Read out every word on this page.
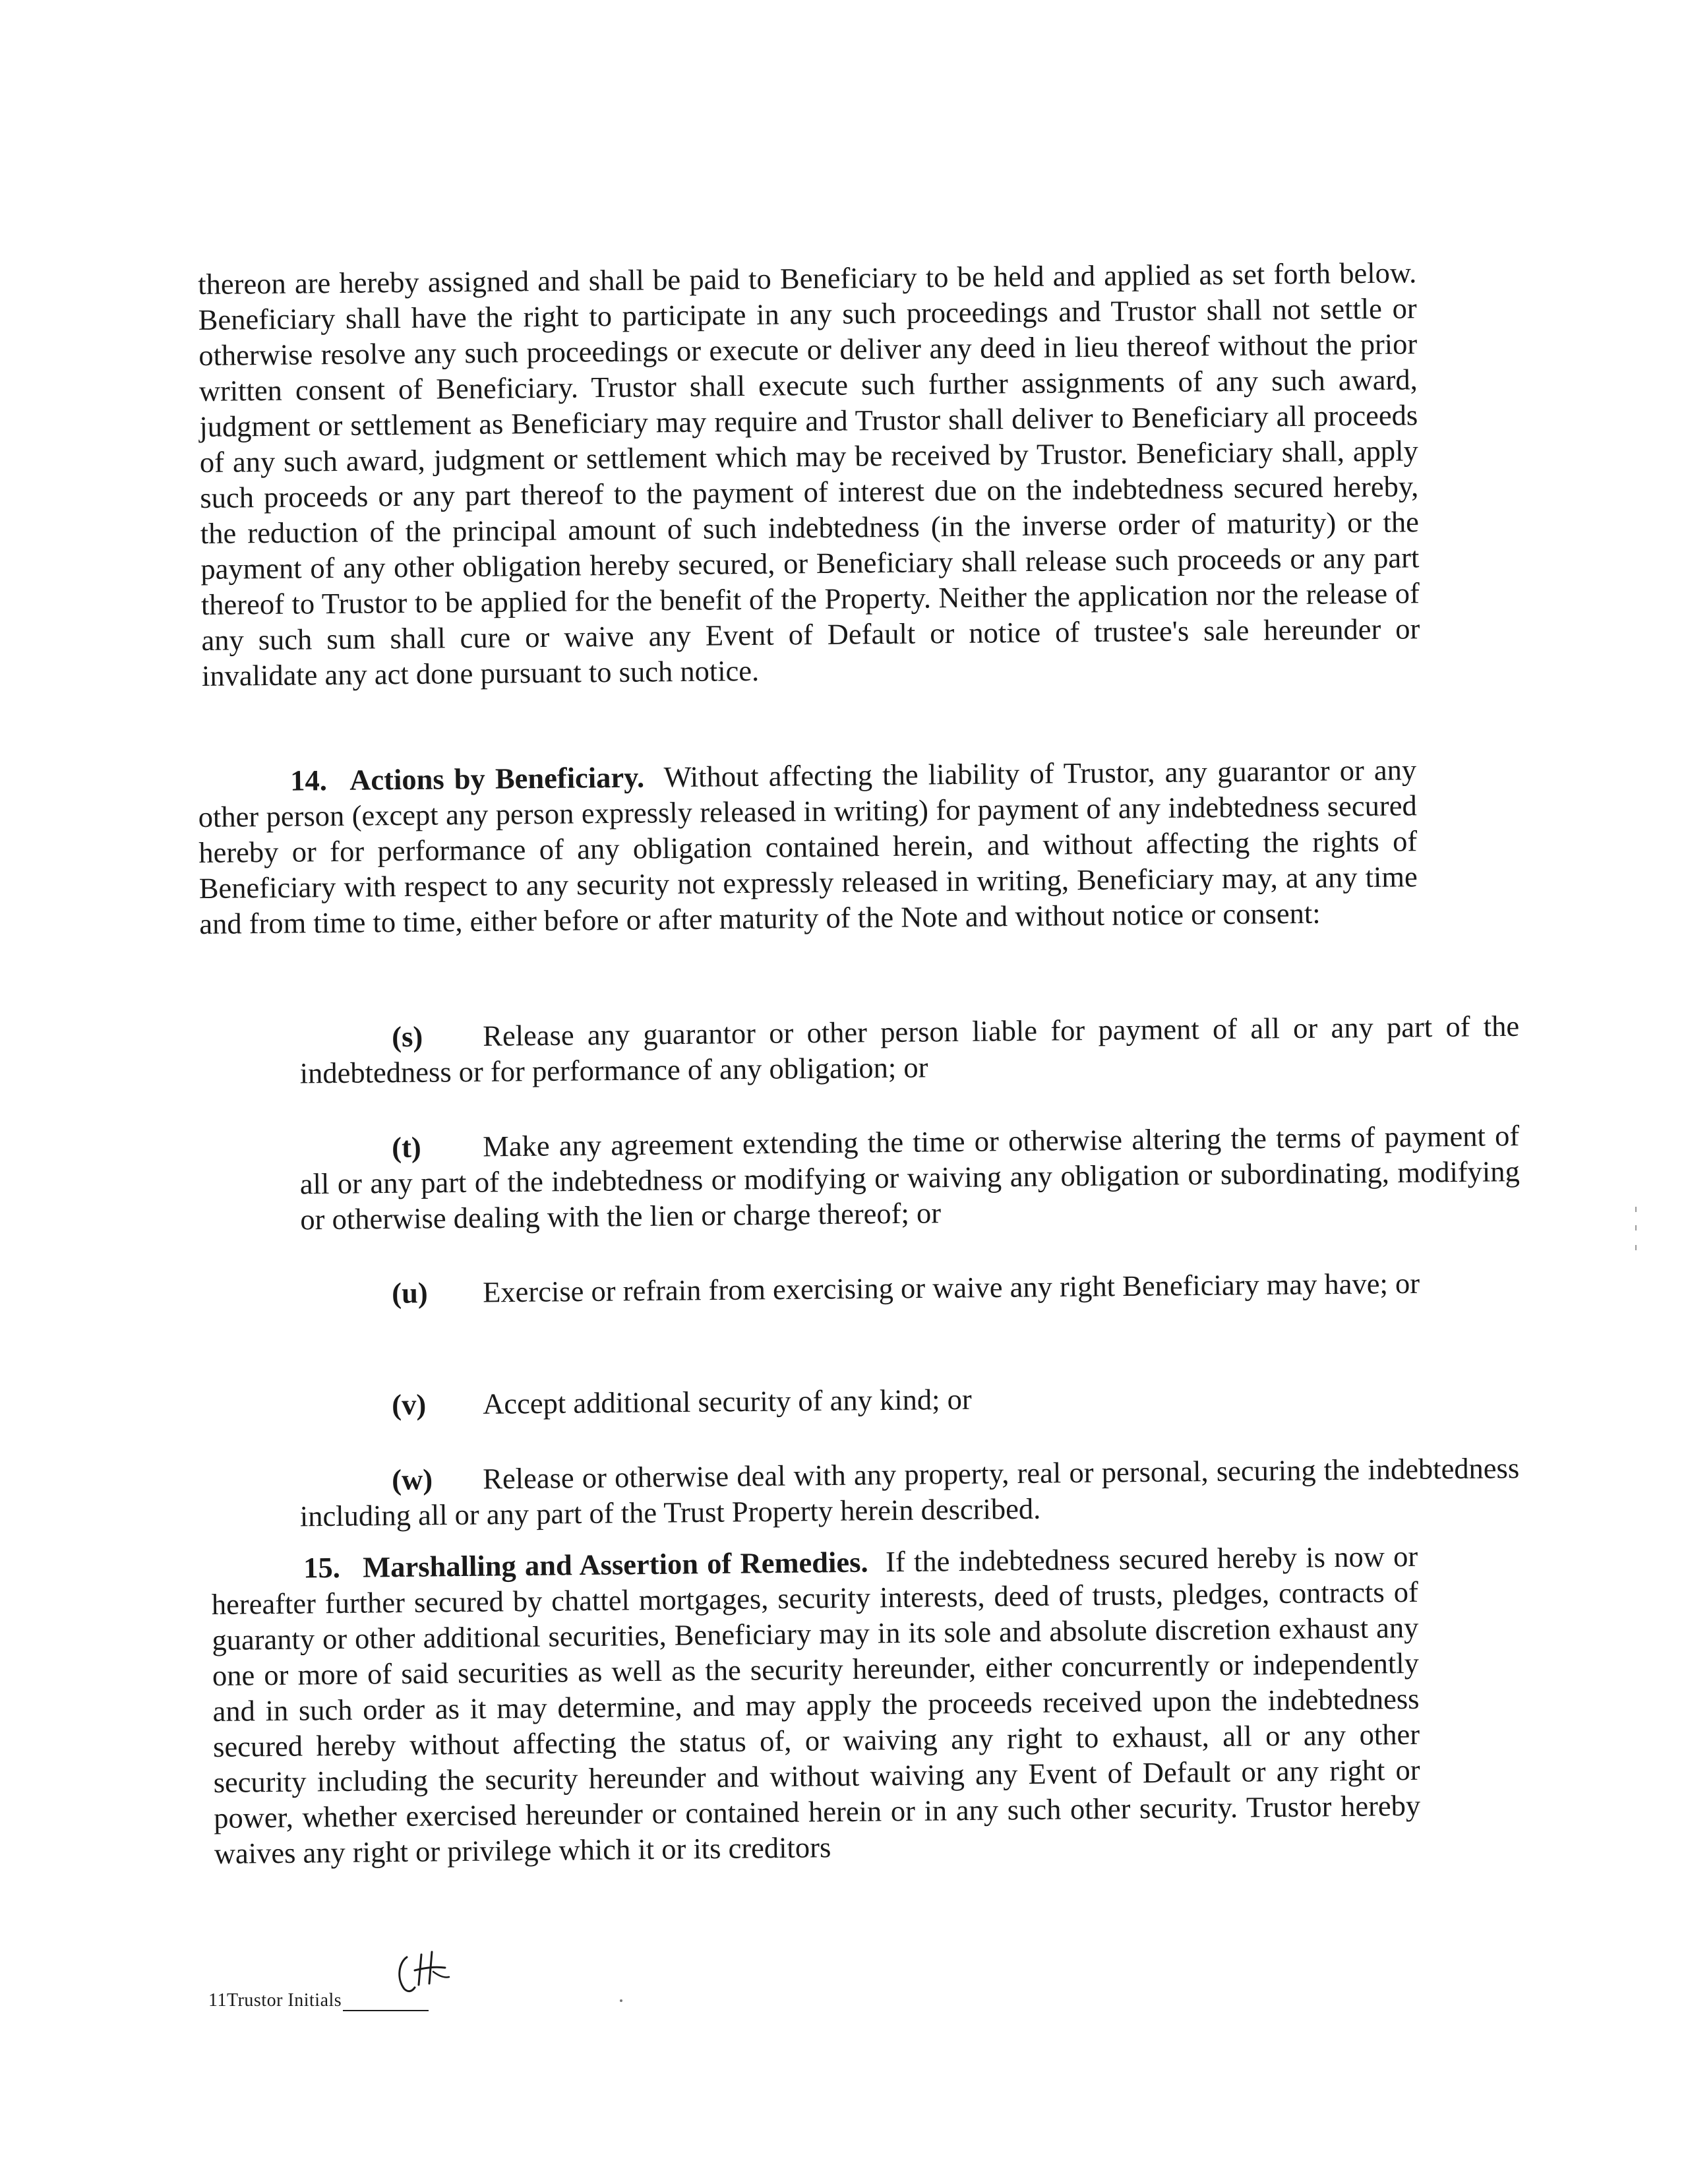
thereon are hereby assigned and shall be paid to Beneficiary to be held and applied as set forth below. Beneficiary shall have the right to participate in any such proceedings and Trustor shall not settle or otherwise resolve any such proceedings or execute or deliver any deed in lieu thereof without the prior written consent of Beneficiary. Trustor shall execute such further assignments of any such award, judgment or settlement as Beneficiary may require and Trustor shall deliver to Beneficiary all proceeds of any such award, judgment or settlement which may be received by Trustor. Beneficiary shall, apply such proceeds or any part thereof to the payment of interest due on the indebtedness secured hereby, the reduction of the principal amount of such indebtedness (in the inverse order of maturity) or the payment of any other obligation hereby secured, or Beneficiary shall release such proceeds or any part thereof to Trustor to be applied for the benefit of the Property. Neither the application nor the release of any such sum shall cure or waive any Event of Default or notice of trustee's sale hereunder or invalidate any act done pursuant to such notice.

14. Actions by Beneficiary. Without affecting the liability of Trustor, any guarantor or any other person (except any person expressly released in writing) for payment of any indebtedness secured hereby or for performance of any obligation contained herein, and without affecting the rights of Beneficiary with respect to any security not expressly released in writing, Beneficiary may, at any time and from time to time, either before or after maturity of the Note and without notice or consent:

(s) Release any guarantor or other person liable for payment of all or any part of the indebtedness or for performance of any obligation; or

(t) Make any agreement extending the time or otherwise altering the terms of payment of all or any part of the indebtedness or modifying or waiving any obligation or subordinating, modifying or otherwise dealing with the lien or charge thereof; or

(u) Exercise or refrain from exercising or waive any right Beneficiary may have; or

(v) Accept additional security of any kind; or

(w) Release or otherwise deal with any property, real or personal, securing the indebtedness including all or any part of the Trust Property herein described.

15. Marshalling and Assertion of Remedies. If the indebtedness secured hereby is now or hereafter further secured by chattel mortgages, security interests, deed of trusts, pledges, contracts of guaranty or other additional securities, Beneficiary may in its sole and absolute discretion exhaust any one or more of said securities as well as the security hereunder, either concurrently or independently and in such order as it may determine, and may apply the proceeds received upon the indebtedness secured hereby without affecting the status of, or waiving any right to exhaust, all or any other security including the security hereunder and without waiving any Event of Default or any right or power, whether exercised hereunder or contained herein or in any such other security. Trustor hereby waives any right or privilege which it or its creditors

11 Trustor Initials
